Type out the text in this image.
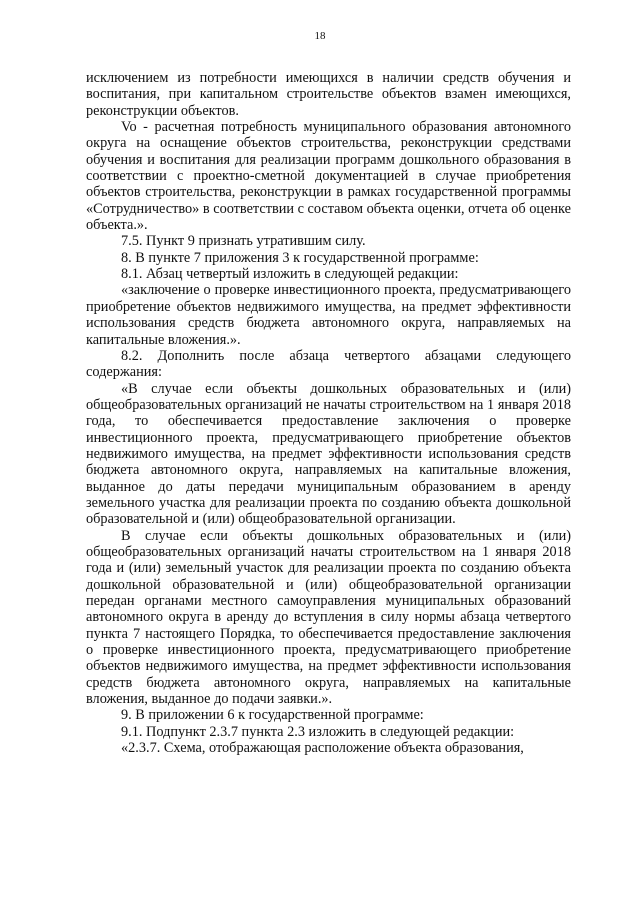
18

исключением из потребности имеющихся в наличии средств обучения и воспитания, при капитальном строительстве объектов взамен имеющихся, реконструкции объектов.

Vo - расчетная потребность муниципального образования автономного округа на оснащение объектов строительства, реконструкции средствами обучения и воспитания для реализации программ дошкольного образования в соответствии с проектно-сметной документацией в случае приобретения объектов строительства, реконструкции в рамках государственной программы «Сотрудничество» в соответствии с составом объекта оценки, отчета об оценке объекта.».

7.5. Пункт 9 признать утратившим силу.

8. В пункте 7 приложения 3 к государственной программе:

8.1. Абзац четвертый изложить в следующей редакции:

«заключение о проверке инвестиционного проекта, предусматривающего приобретение объектов недвижимого имущества, на предмет эффективности использования средств бюджета автономного округа, направляемых на капитальные вложения.».

8.2. Дополнить после абзаца четвертого абзацами следующего содержания:

«В случае если объекты дошкольных образовательных и (или) общеобразовательных организаций не начаты строительством на 1 января 2018 года, то обеспечивается предоставление заключения о проверке инвестиционного проекта, предусматривающего приобретение объектов недвижимого имущества, на предмет эффективности использования средств бюджета автономного округа, направляемых на капитальные вложения, выданное до даты передачи муниципальным образованием в аренду земельного участка для реализации проекта по созданию объекта дошкольной образовательной и (или) общеобразовательной организации.

В случае если объекты дошкольных образовательных и (или) общеобразовательных организаций начаты строительством на 1 января 2018 года и (или) земельный участок для реализации проекта по созданию объекта дошкольной образовательной и (или) общеобразовательной организации передан органами местного самоуправления муниципальных образований автономного округа в аренду до вступления в силу нормы абзаца четвертого пункта 7 настоящего Порядка, то обеспечивается предоставление заключения о проверке инвестиционного проекта, предусматривающего приобретение объектов недвижимого имущества, на предмет эффективности использования средств бюджета автономного округа, направляемых на капитальные вложения, выданное до подачи заявки.».

9. В приложении 6 к государственной программе:

9.1. Подпункт 2.3.7 пункта 2.3 изложить в следующей редакции:

«2.3.7. Схема, отображающая расположение объекта образования,
